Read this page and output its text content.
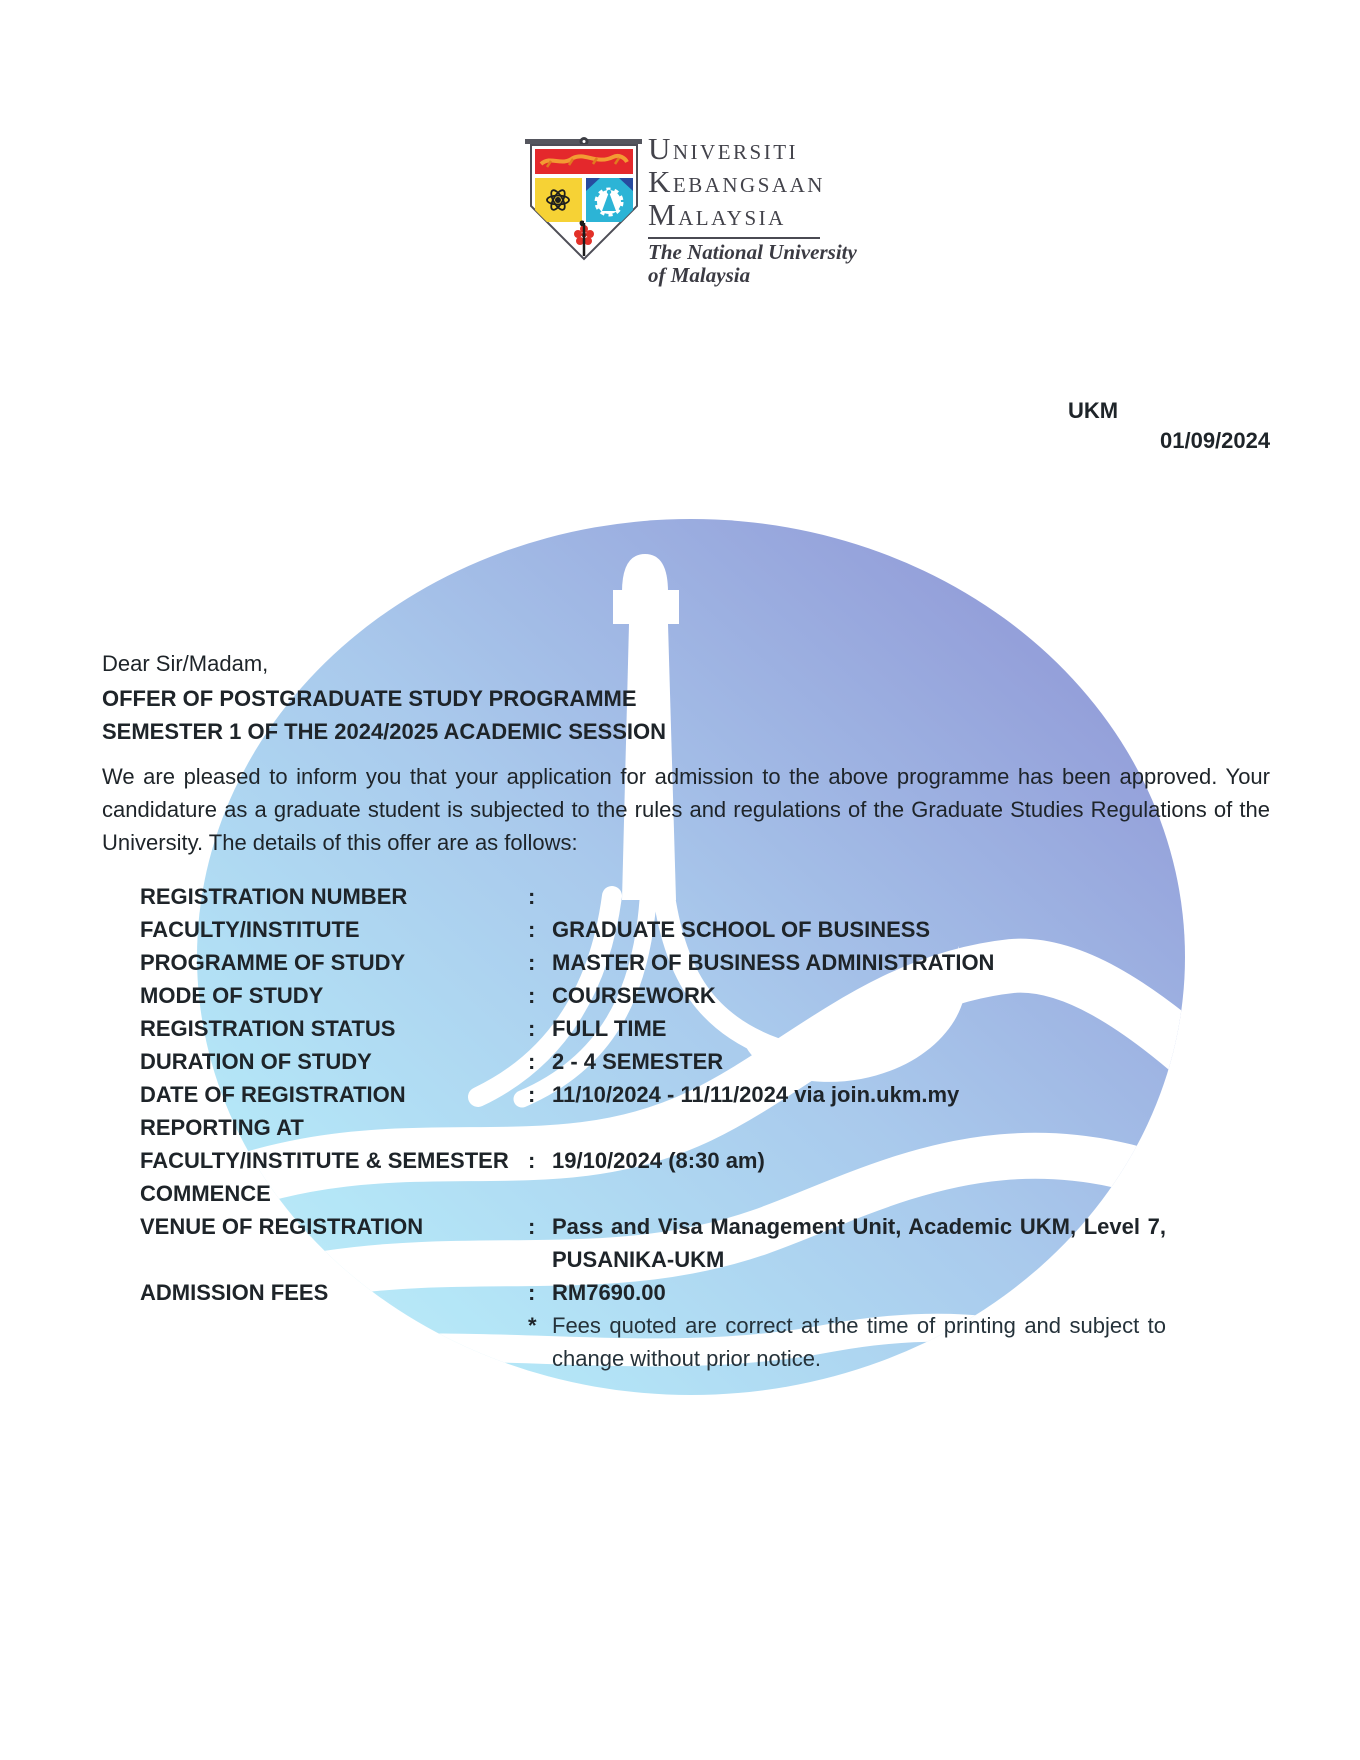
UNIVERSITI
KEBANGSAAN
MALAYSIA
The National University
of Malaysia
UKM
01/09/2024
Dear Sir/Madam,
OFFER OF POSTGRADUATE STUDY PROGRAMME
SEMESTER 1 OF THE 2024/2025 ACADEMIC SESSION
We are pleased to inform you that your application for admission to the above programme has been approved. Your
candidature as a graduate student is subjected to the rules and regulations of the Graduate Studies Regulations of the
University. The details of this offer are as follows:
REGISTRATION NUMBER	:
FACULTY/INSTITUTE	: GRADUATE SCHOOL OF BUSINESS
PROGRAMME OF STUDY	: MASTER OF BUSINESS ADMINISTRATION
MODE OF STUDY	: COURSEWORK
REGISTRATION STATUS	: FULL TIME
DURATION OF STUDY	: 2 - 4 SEMESTER
DATE OF REGISTRATION	: 11/10/2024 - 11/11/2024 via join.ukm.my
REPORTING AT
FACULTY/INSTITUTE & SEMESTER
COMMENCE
: 19/10/2024 (8:30 am)
VENUE OF REGISTRATION	: Pass and Visa Management Unit, Academic UKM, Level 7,
PUSANIKA-UKM
ADMISSION FEES	: RM7690.00
* Fees quoted are correct at the time of printing and subject to
change without prior notice.
